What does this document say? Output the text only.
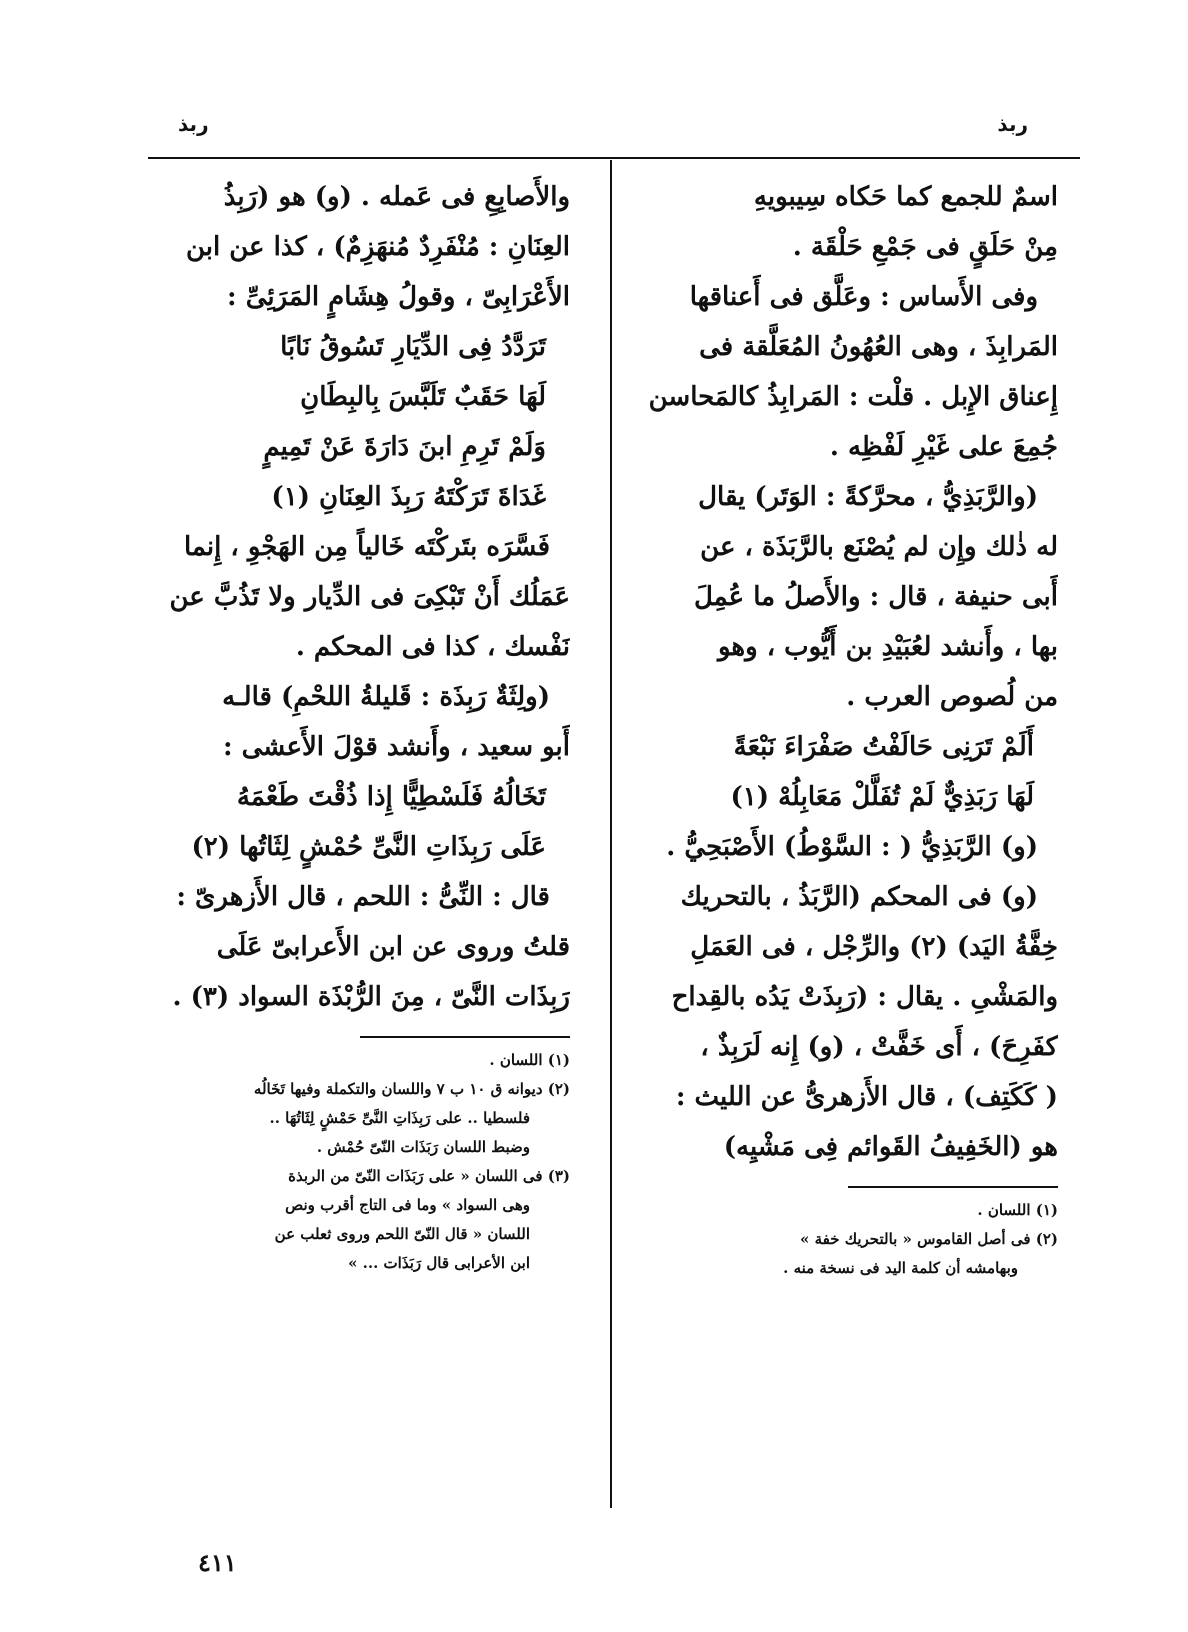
ربذ
ربذ
اسمٌ للجمع كما حَكاه سِيبويهِ
مِنْ حَلَقٍ فى جَمْعِ حَلْقَة .
وفى الأَساس : وعَلَّق فى أَعناقها
المَرابِذَ ، وهى العُهُونُ المُعَلَّقة فى
إِعناق الإِبل . قلْت : المَرابِذُ كالمَحاسن
جُمِعَ على غَيْرِ لَفْظِه .
(والرَّبَذِيُّ ، محرَّكةً : الوَتَر) يقال
له ذٰلك وإِن لم يُصْنَع بالرَّبَذَة ، عن
أَبى حنيفة ، قال : والأَصلُ ما عُمِلَ
بها ، وأَنشد لعُبَيْدِ بن أَيُّوب ، وهو
من لُصوص العرب .
أَلَمْ تَرَنِى حَالَفْتُ صَفْرَاءَ نَبْعَةً
لَهَا رَبَذِيٌّ لَمْ تُفَلَّلْ مَعَابِلُهْ (١)
(و) الرَّبَذِيُّ ( : السَّوْطُ) الأَصْبَحِيُّ .
(و) فى المحكم (الرَّبَذُ ، بالتحريك
خِفَّةُ اليَد) (٢) والرِّجْل ، فى العَمَلِ
والمَشْىِ . يقال : (رَبِذَتْ يَدُه بالقِداح
كفَرِحَ) ، أَى خَفَّتْ ، (و) إِنه لَرَبِذٌ ،
( كَكَتِف) ، قال الأَزهرىُّ عن الليث :
هو (الخَفِيفُ القَوائم فِى مَشْيِه)
(١) اللسان .
(٢) فى أصل القاموس « بالتحريك خفة »
وبهامشه أن كلمة اليد فى نسخة منه .
والأَصابِعِ فى عَمله . (و) هو (رَبِذُ
العِنَانِ : مُنْفَرِدٌ مُنهَزِمٌ) ، كذا عن ابن
الأَعْرَابِىّ ، وقولُ هِشَامٍ المَرَئِىِّ :
تَرَدَّدُ فِى الدِّيَارِ تَسُوقُ نَابًا
لَهَا حَقَبٌ تَلَبَّسَ بِالبِطَانِ
وَلَمْ تَرِمِ ابنَ دَارَةَ عَنْ تَمِيمٍ
غَدَاةَ تَرَكْتَهُ رَبِذَ العِنَانِ (١)
فَسَّرَه بتَركْتَه خَالياً مِن الهَجْوِ ، إِنما
عَمَلُك أَنْ تَبْكِىَ فى الدِّيار ولا تَذُبَّ عن
نَفْسك ، كذا فى المحكم .
(ولِثَةٌ رَبِذَة : قَليلةُ اللحْمِ) قالـه
أَبو سعيد ، وأَنشد قوْلَ الأَعشى :
تَخَالُهُ فَلَسْطِيًّا إِذا ذُقْتَ طَعْمَهُ
عَلَى رَبِذَاتِ النَّىِّ حُمْشٍ لِثَاتُها (٢)
قال : النِّىُّ : اللحم ، قال الأَزهرىّ :
قلتُ وروى عن ابن الأَعرابىّ عَلَى
رَبِذَات النَّىّ ، مِنَ الرُّبْذَة السواد (٣) .
(١) اللسان .
(٢) ديوانه ق ١٠ ب ٧ واللسان والتكملة وفيها تَخَالُه
فلسطيا .. على رَبِذَاتِ النَّىِّ حَمْشٍ لِثَاتُهَا ..
وضبط اللسان رَبَذَات النّىّ حُمْش .
(٣) فى اللسان « على رَبَذَات النّىّ من الربذة
وهى السواد » وما فى التاج أقرب ونص
اللسان « قال النّىّ اللحم وروى ثعلب عن
ابن الأعرابى قال رَبَذَات ... »
٤١١
